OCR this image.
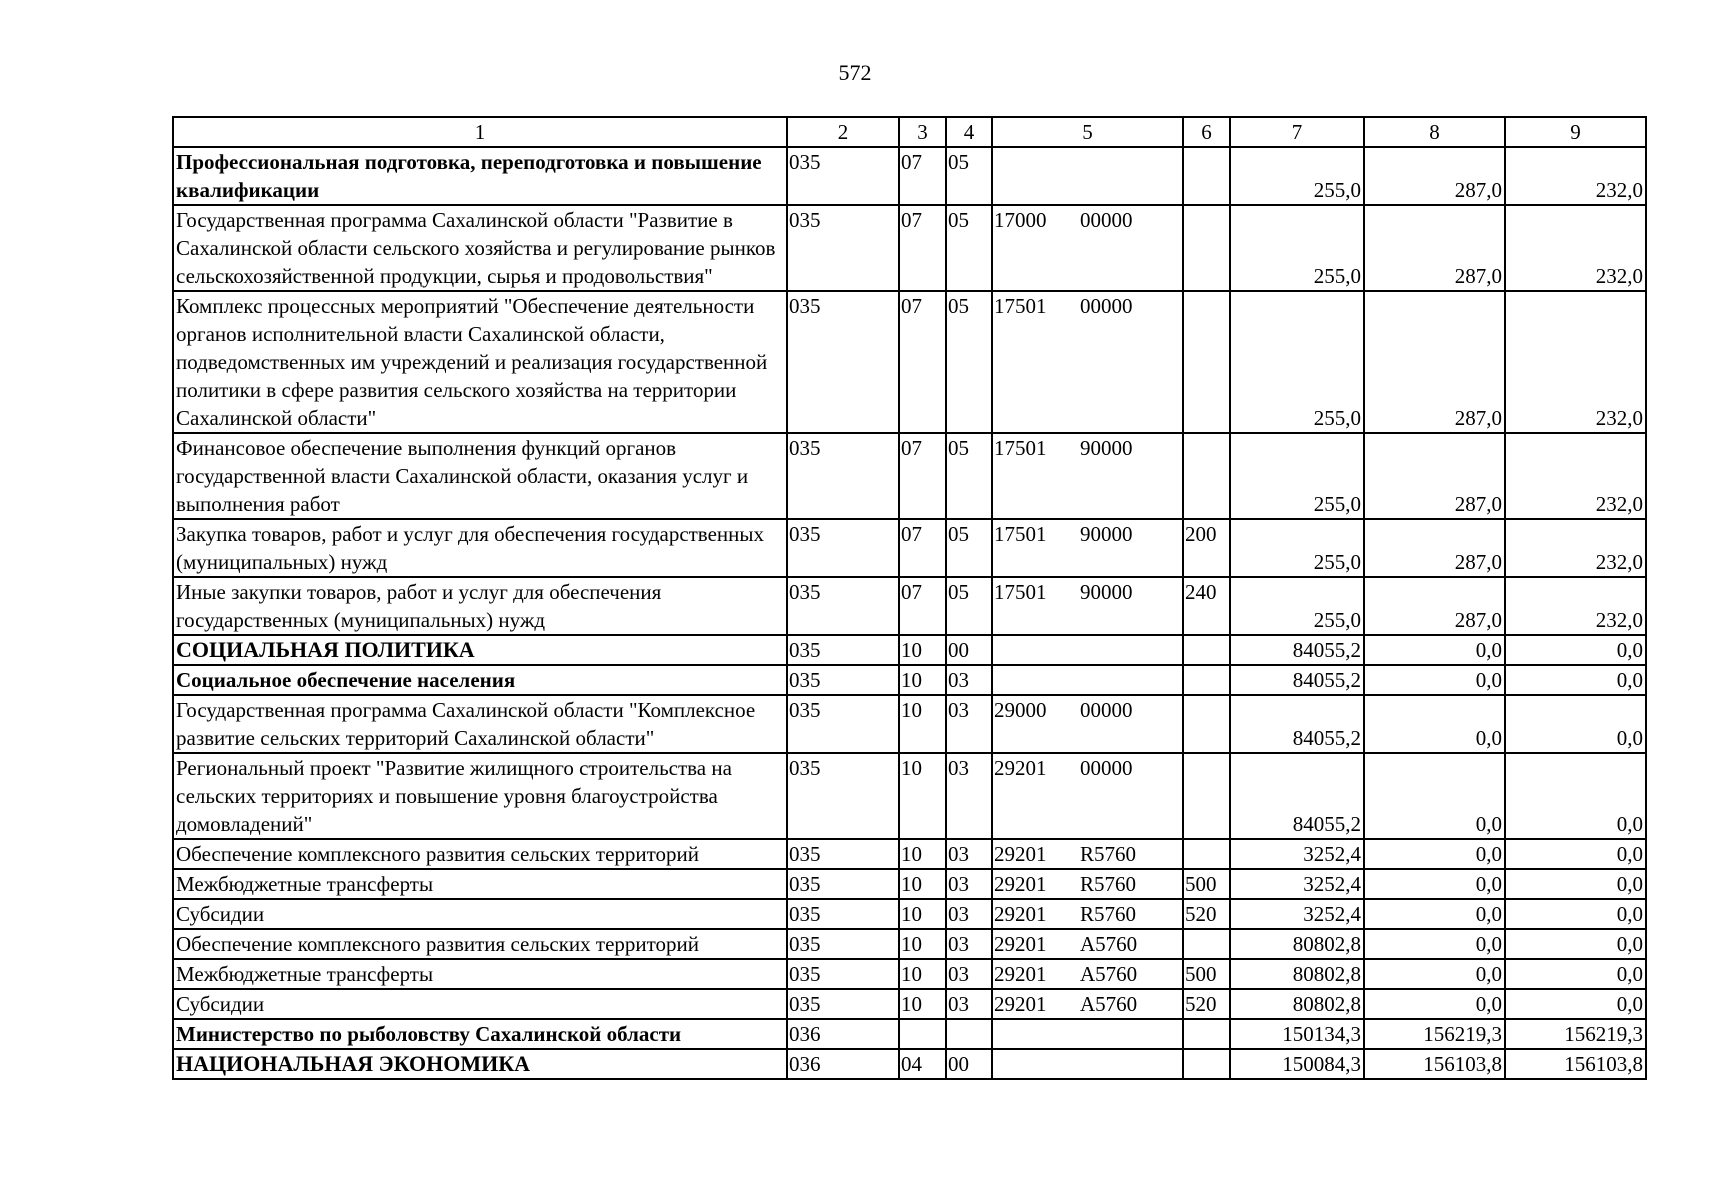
572
1	2	3	4	5	6	7	8	9
Профессиональная подготовка, переподготовка и повышение квалификации	035	07	05			255,0	287,0	232,0
Государственная программа Сахалинской области "Развитие в Сахалинской области сельского хозяйства и регулирование рынков сельскохозяйственной продукции, сырья и продовольствия"	035	07	05	17000 00000		255,0	287,0	232,0
Комплекс процессных мероприятий "Обеспечение деятельности органов исполнительной власти Сахалинской области, подведомственных им учреждений и реализация государственной политики в сфере развития сельского хозяйства на территории Сахалинской области"	035	07	05	17501 00000		255,0	287,0	232,0
Финансовое обеспечение выполнения функций органов государственной власти Сахалинской области, оказания услуг и выполнения работ	035	07	05	17501 90000		255,0	287,0	232,0
Закупка товаров, работ и услуг для обеспечения государственных (муниципальных) нужд	035	07	05	17501 90000	200	255,0	287,0	232,0
Иные закупки товаров, работ и услуг для обеспечения государственных (муниципальных) нужд	035	07	05	17501 90000	240	255,0	287,0	232,0
СОЦИАЛЬНАЯ ПОЛИТИКА	035	10	00			84055,2	0,0	0,0
Социальное обеспечение населения	035	10	03			84055,2	0,0	0,0
Государственная программа Сахалинской области "Комплексное развитие сельских территорий Сахалинской области"	035	10	03	29000 00000		84055,2	0,0	0,0
Региональный проект "Развитие жилищного строительства на сельских территориях и повышение уровня благоустройства домовладений"	035	10	03	29201 00000		84055,2	0,0	0,0
Обеспечение комплексного развития сельских территорий	035	10	03	29201 R5760		3252,4	0,0	0,0
Межбюджетные трансферты	035	10	03	29201 R5760	500	3252,4	0,0	0,0
Субсидии	035	10	03	29201 R5760	520	3252,4	0,0	0,0
Обеспечение комплексного развития сельских территорий	035	10	03	29201 A5760		80802,8	0,0	0,0
Межбюджетные трансферты	035	10	03	29201 A5760	500	80802,8	0,0	0,0
Субсидии	035	10	03	29201 A5760	520	80802,8	0,0	0,0
Министерство по рыболовству Сахалинской области	036					150134,3	156219,3	156219,3
НАЦИОНАЛЬНАЯ ЭКОНОМИКА	036	04	00			150084,3	156103,8	156103,8
